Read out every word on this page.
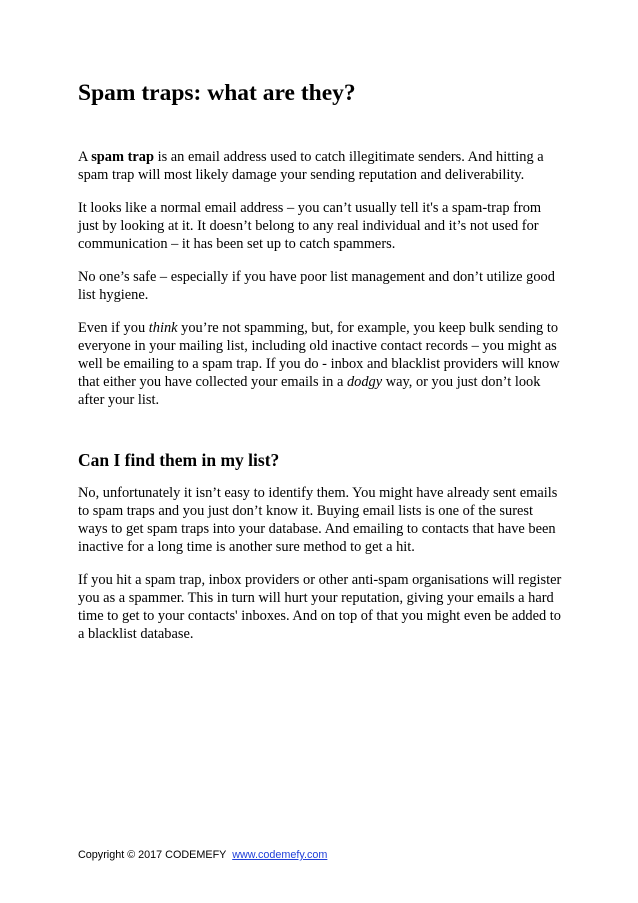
Spam traps: what are they?

A spam trap is an email address used to catch illegitimate senders. And hitting a spam trap will most likely damage your sending reputation and deliverability.

It looks like a normal email address – you can’t usually tell it's a spam-trap from just by looking at it. It doesn’t belong to any real individual and it’s not used for communication – it has been set up to catch spammers.

No one’s safe – especially if you have poor list management and don’t utilize good list hygiene.

Even if you think you’re not spamming, but, for example, you keep bulk sending to everyone in your mailing list, including old inactive contact records – you might as well be emailing to a spam trap. If you do - inbox and blacklist providers will know that either you have collected your emails in a dodgy way, or you just don’t look after your list.

Can I find them in my list?

No, unfortunately it isn’t easy to identify them. You might have already sent emails to spam traps and you just don’t know it. Buying email lists is one of the surest ways to get spam traps into your database. And emailing to contacts that have been inactive for a long time is another sure method to get a hit.

If you hit a spam trap, inbox providers or other anti-spam organisations will register you as a spammer. This in turn will hurt your reputation, giving your emails a hard time to get to your contacts' inboxes. And on top of that you might even be added to a blacklist database.

Copyright © 2017 CODEMEFY www.codemefy.com
